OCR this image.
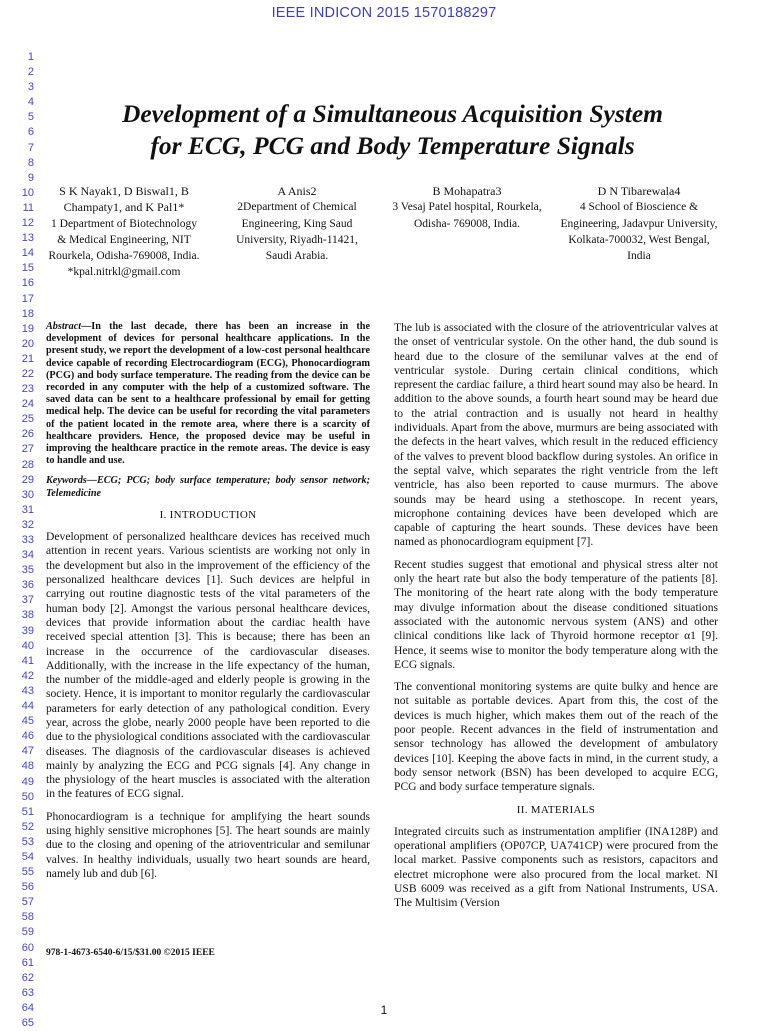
IEEE INDICON 2015 1570188297
1
2
3
4
5
6
7
8
9
10
11
12
13
14
15
16
17
18
19
20
21
22
23
24
25
26
27
28
29
30
31
32
33
34
35
36
37
38
39
40
41
42
43
44
45
46
47
48
49
50
51
52
53
54
55
56
57
58
59
60
61
62
63
64
65
Development of a Simultaneous Acquisition System
for ECG, PCG and Body Temperature Signals
S K Nayak1, D Biswal1, B Champaty1, and K Pal1*
1 Department of Biotechnology & Medical Engineering, NIT Rourkela, Odisha-769008, India. *kpal.nitrkl@gmail.com
A Anis2
2Department of Chemical Engineering, King Saud University, Riyadh-11421, Saudi Arabia.
B Mohapatra3
3 Vesaj Patel hospital, Rourkela, Odisha- 769008, India.
D N Tibarewala4
4 School of Bioscience & Engineering, Jadavpur University, Kolkata-700032, West Bengal, India

Abstract—In the last decade, there has been an increase in the development of devices for personal healthcare applications. In the present study, we report the development of a low-cost personal healthcare device capable of recording Electrocardiogram (ECG), Phonocardiogram (PCG) and body surface temperature. The reading from the device can be recorded in any computer with the help of a customized software. The saved data can be sent to a healthcare professional by email for getting medical help. The device can be useful for recording the vital parameters of the patient located in the remote area, where there is a scarcity of healthcare providers. Hence, the proposed device may be useful in improving the healthcare practice in the remote areas. The device is easy to handle and use.

Keywords—ECG; PCG; body surface temperature; body sensor network; Telemedicine

I. INTRODUCTION

Development of personalized healthcare devices has received much attention in recent years. Various scientists are working not only in the development but also in the improvement of the efficiency of the personalized healthcare devices [1]. Such devices are helpful in carrying out routine diagnostic tests of the vital parameters of the human body [2]. Amongst the various personal healthcare devices, devices that provide information about the cardiac health have received special attention [3]. This is because; there has been an increase in the occurrence of the cardiovascular diseases. Additionally, with the increase in the life expectancy of the human, the number of the middle-aged and elderly people is growing in the society. Hence, it is important to monitor regularly the cardiovascular parameters for early detection of any pathological condition. Every year, across the globe, nearly 2000 people have been reported to die due to the physiological conditions associated with the cardiovascular diseases. The diagnosis of the cardiovascular diseases is achieved mainly by analyzing the ECG and PCG signals [4]. Any change in the physiology of the heart muscles is associated with the alteration in the features of ECG signal.

Phonocardiogram is a technique for amplifying the heart sounds using highly sensitive microphones [5]. The heart sounds are mainly due to the closing and opening of the atrioventricular and semilunar valves. In healthy individuals, usually two heart sounds are heard, namely lub and dub [6].

The lub is associated with the closure of the atrioventricular valves at the onset of ventricular systole. On the other hand, the dub sound is heard due to the closure of the semilunar valves at the end of ventricular systole. During certain clinical conditions, which represent the cardiac failure, a third heart sound may also be heard. In addition to the above sounds, a fourth heart sound may be heard due to the atrial contraction and is usually not heard in healthy individuals. Apart from the above, murmurs are being associated with the defects in the heart valves, which result in the reduced efficiency of the valves to prevent blood backflow during systoles. An orifice in the septal valve, which separates the right ventricle from the left ventricle, has also been reported to cause murmurs. The above sounds may be heard using a stethoscope. In recent years, microphone containing devices have been developed which are capable of capturing the heart sounds. These devices have been named as phonocardiogram equipment [7].

Recent studies suggest that emotional and physical stress alter not only the heart rate but also the body temperature of the patients [8]. The monitoring of the heart rate along with the body temperature may divulge information about the disease conditioned situations associated with the autonomic nervous system (ANS) and other clinical conditions like lack of Thyroid hormone receptor α1 [9]. Hence, it seems wise to monitor the body temperature along with the ECG signals.

The conventional monitoring systems are quite bulky and hence are not suitable as portable devices. Apart from this, the cost of the devices is much higher, which makes them out of the reach of the poor people. Recent advances in the field of instrumentation and sensor technology has allowed the development of ambulatory devices [10]. Keeping the above facts in mind, in the current study, a body sensor network (BSN) has been developed to acquire ECG, PCG and body surface temperature signals.

II. MATERIALS

Integrated circuits such as instrumentation amplifier (INA128P) and operational amplifiers (OP07CP, UA741CP) were procured from the local market. Passive components such as resistors, capacitors and electret microphone were also procured from the local market. NI USB 6009 was received as a gift from National Instruments, USA. The Multisim (Version

978-1-4673-6540-6/15/$31.00 ©2015 IEEE
1
